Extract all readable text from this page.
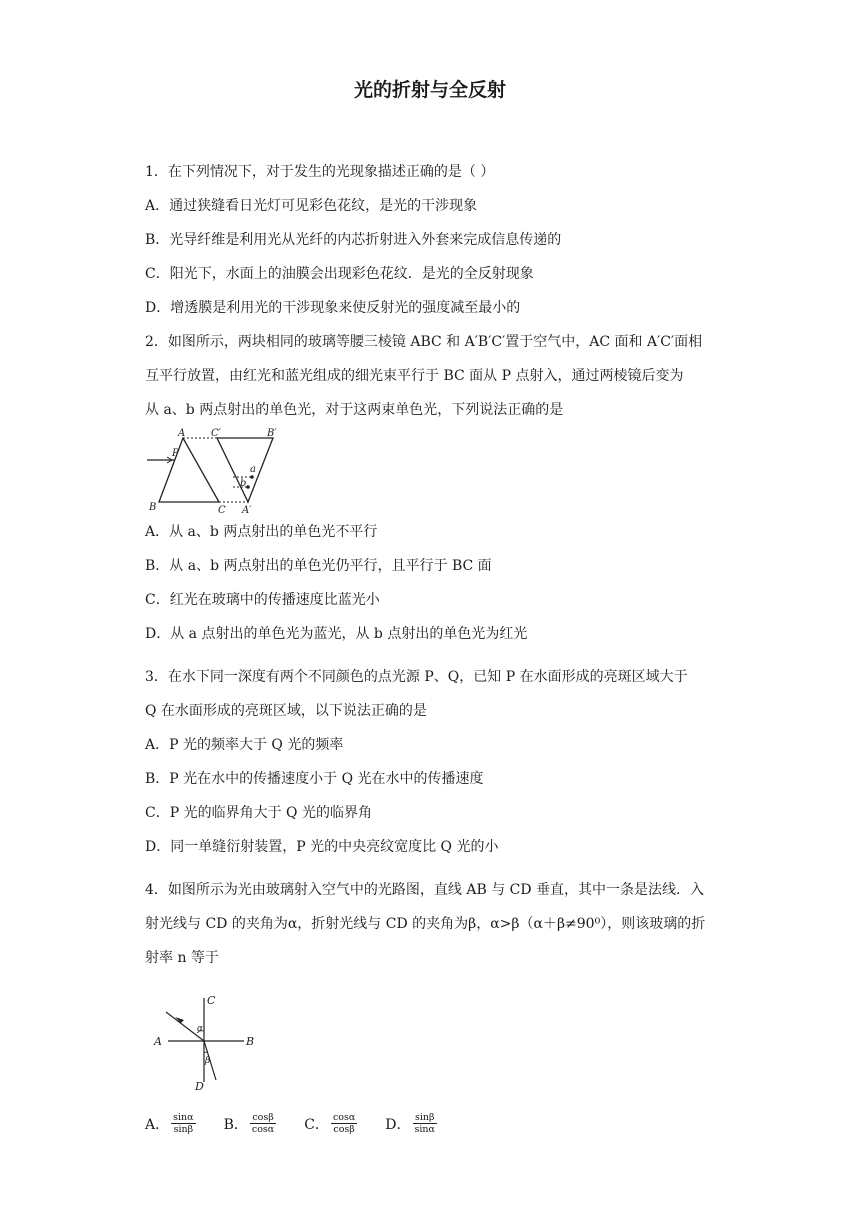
光的折射与全反射
1．在下列情况下，对于发生的光现象描述正确的是（ ）
A．通过狭缝看日光灯可见彩色花纹，是光的干涉现象
B．光导纤维是利用光从光纤的内芯折射进入外套来完成信息传递的
C．阳光下，水面上的油膜会出现彩色花纹．是光的全反射现象
D．增透膜是利用光的干涉现象来使反射光的强度减至最小的
2．如图所示，两块相同的玻璃等腰三棱镜 ABC 和 A′B′C′置于空气中，AC 面和 A′C′面相
互平行放置，由红光和蓝光组成的细光束平行于 BC 面从 P 点射入，通过两棱镜后变为
从 a、b 两点射出的单色光，对于这两束单色光，下列说法正确的是
A
B	C
C′	B′
A′
P
a
b
A．从 a、b 两点射出的单色光不平行
B．从 a、b 两点射出的单色光仍平行，且平行于 BC 面
C．红光在玻璃中的传播速度比蓝光小
D．从 a 点射出的单色光为蓝光，从 b 点射出的单色光为红光
3．在水下同一深度有两个不同颜色的点光源 P、Q，已知 P 在水面形成的亮斑区域大于
Q 在水面形成的亮斑区域，以下说法正确的是
A．P 光的频率大于 Q 光的频率
B．P 光在水中的传播速度小于 Q 光在水中的传播速度
C．P 光的临界角大于 Q 光的临界角
D．同一单缝衍射装置，P 光的中央亮纹宽度比 Q 光的小
4．如图所示为光由玻璃射入空气中的光路图，直线 AB 与 CD 垂直，其中一条是法线．入
射光线与 CD 的夹角为α，折射光线与 CD 的夹角为β，α>β（α＋β≠90⁰），则该玻璃的折
射率 n 等于
C
A	B
D
α
β
A． $\frac{\sin\alpha}{\sin\beta}$ B． $\frac{\cos\beta}{\cos\alpha}$ C． $\frac{\cos\alpha}{\cos\beta}$ D． $\frac{\sin\beta}{\sin\alpha}$
